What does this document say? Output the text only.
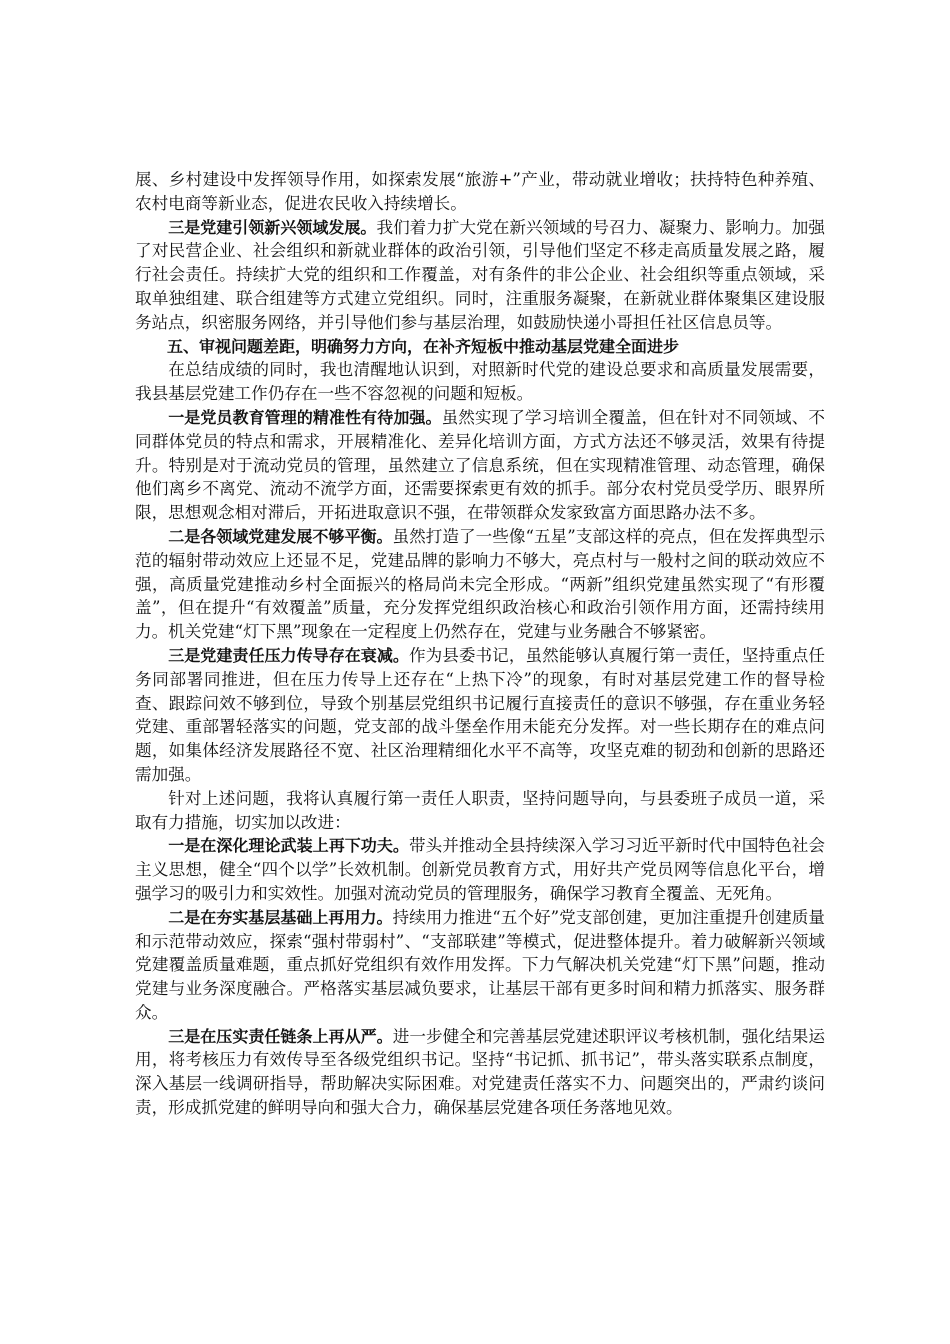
展、乡村建设中发挥领导作用，如探索发展“旅游+”产业，带动就业增收；扶持特色种养殖、农村电商等新业态，促进农民收入持续增长。

三是党建引领新兴领域发展。我们着力扩大党在新兴领域的号召力、凝聚力、影响力。加强了对民营企业、社会组织和新就业群体的政治引领，引导他们坚定不移走高质量发展之路，履行社会责任。持续扩大党的组织和工作覆盖，对有条件的非公企业、社会组织等重点领域，采取单独组建、联合组建等方式建立党组织。同时，注重服务凝聚，在新就业群体聚集区建设服务站点，织密服务网络，并引导他们参与基层治理，如鼓励快递小哥担任社区信息员等。

五、审视问题差距，明确努力方向，在补齐短板中推动基层党建全面进步

在总结成绩的同时，我也清醒地认识到，对照新时代党的建设总要求和高质量发展需要，我县基层党建工作仍存在一些不容忽视的问题和短板。

一是党员教育管理的精准性有待加强。虽然实现了学习培训全覆盖，但在针对不同领域、不同群体党员的特点和需求，开展精准化、差异化培训方面，方式方法还不够灵活，效果有待提升。特别是对于流动党员的管理，虽然建立了信息系统，但在实现精准管理、动态管理，确保他们离乡不离党、流动不流学方面，还需要探索更有效的抓手。部分农村党员受学历、眼界所限，思想观念相对滞后，开拓进取意识不强，在带领群众发家致富方面思路办法不多。

二是各领域党建发展不够平衡。虽然打造了一些像“五星”支部这样的亮点，但在发挥典型示范的辐射带动效应上还显不足，党建品牌的影响力不够大，亮点村与一般村之间的联动效应不强，高质量党建推动乡村全面振兴的格局尚未完全形成。“两新”组织党建虽然实现了“有形覆盖”，但在提升“有效覆盖”质量，充分发挥党组织政治核心和政治引领作用方面，还需持续用力。机关党建“灯下黑”现象在一定程度上仍然存在，党建与业务融合不够紧密。

三是党建责任压力传导存在衰减。作为县委书记，虽然能够认真履行第一责任，坚持重点任务同部署同推进，但在压力传导上还存在“上热下冷”的现象，有时对基层党建工作的督导检查、跟踪问效不够到位，导致个别基层党组织书记履行直接责任的意识不够强，存在重业务轻党建、重部署轻落实的问题，党支部的战斗堡垒作用未能充分发挥。对一些长期存在的难点问题，如集体经济发展路径不宽、社区治理精细化水平不高等，攻坚克难的韧劲和创新的思路还需加强。

针对上述问题，我将认真履行第一责任人职责，坚持问题导向，与县委班子成员一道，采取有力措施，切实加以改进：

一是在深化理论武装上再下功夫。带头并推动全县持续深入学习习近平新时代中国特色社会主义思想，健全“四个以学”长效机制。创新党员教育方式，用好共产党员网等信息化平台，增强学习的吸引力和实效性。加强对流动党员的管理服务，确保学习教育全覆盖、无死角。

二是在夯实基层基础上再用力。持续用力推进“五个好”党支部创建，更加注重提升创建质量和示范带动效应，探索“强村带弱村”、“支部联建”等模式，促进整体提升。着力破解新兴领域党建覆盖质量难题，重点抓好党组织有效作用发挥。下力气解决机关党建“灯下黑”问题，推动党建与业务深度融合。严格落实基层减负要求，让基层干部有更多时间和精力抓落实、服务群众。

三是在压实责任链条上再从严。进一步健全和完善基层党建述职评议考核机制，强化结果运用，将考核压力有效传导至各级党组织书记。坚持“书记抓、抓书记”，带头落实联系点制度，深入基层一线调研指导，帮助解决实际困难。对党建责任落实不力、问题突出的，严肃约谈问责，形成抓党建的鲜明导向和强大合力，确保基层党建各项任务落地见效。
